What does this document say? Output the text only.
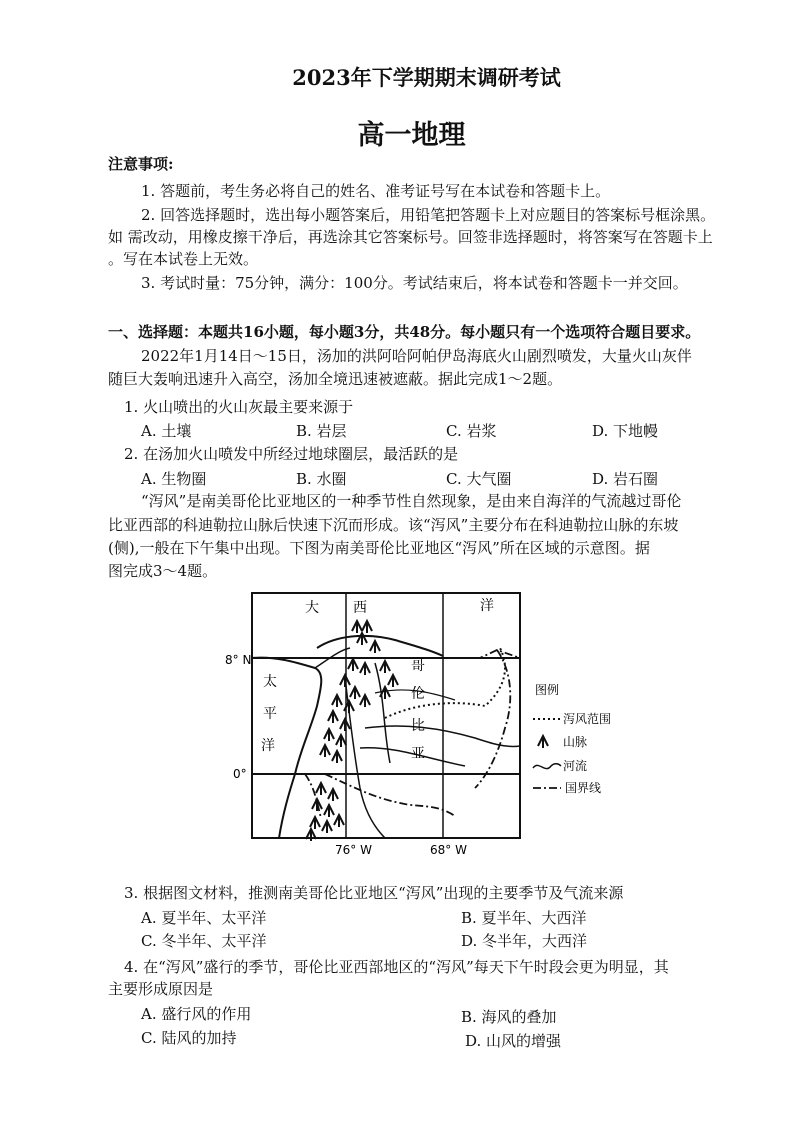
2023年下学期期末调研考试
高一地理
注意事项:
1. 答题前，考生务必将自己的姓名、准考证号写在本试卷和答题卡上。
2. 回答选择题时，选出每小题答案后，用铅笔把答题卡上对应题目的答案标号框涂黑。
如 需改动，用橡皮擦干净后，再选涂其它答案标号。回签非选择题时，将答案写在答题卡上
。写在本试卷上无效。
3. 考试时量：75分钟，满分：100分。考试结束后，将本试卷和答题卡一并交回。
一、选择题：本题共16小题，每小题3分，共48分。每小题只有一个选项符合题目要求。
2022年1月14日～15日，汤加的洪阿哈阿帕伊岛海底火山剧烈喷发，大量火山灰伴
随巨大轰响迅速升入高空，汤加全境迅速被遮蔽。据此完成1～2题。
1. 火山喷出的火山灰最主要来源于
A. 土壤	B. 岩层	C. 岩浆	D. 下地幔
2. 在汤加火山喷发中所经过地球圈层，最活跃的是
A. 生物圈	B. 水圈	C. 大气圈	D. 岩石圈
“泻风”是南美哥伦比亚地区的一种季节性自然现象，是由来自海洋的气流越过哥伦
比亚西部的科迪勒拉山脉后快速下沉而形成。该“泻风”主要分布在科迪勒拉山脉的东坡
(侧),一般在下午集中出现。下图为南美哥伦比亚地区“泻风”所在区域的示意图。据
图完成3～4题。
大 西	洋
太
平
洋
哥
伦
比
亚
8° N
0°
76° W	68° W
图例
泻风范围
山脉
河流
国界线
3. 根据图文材料，推测南美哥伦比亚地区“泻风”出现的主要季节及气流来源
A. 夏半年、太平洋	B. 夏半年、大西洋
C. 冬半年、太平洋	D. 冬半年，大西洋
4. 在“泻风”盛行的季节，哥伦比亚西部地区的“泻风”每天下午时段会更为明显，其
主要形成原因是
A. 盛行风的作用	B. 海风的叠加
C. 陆风的加持	D. 山风的增强
